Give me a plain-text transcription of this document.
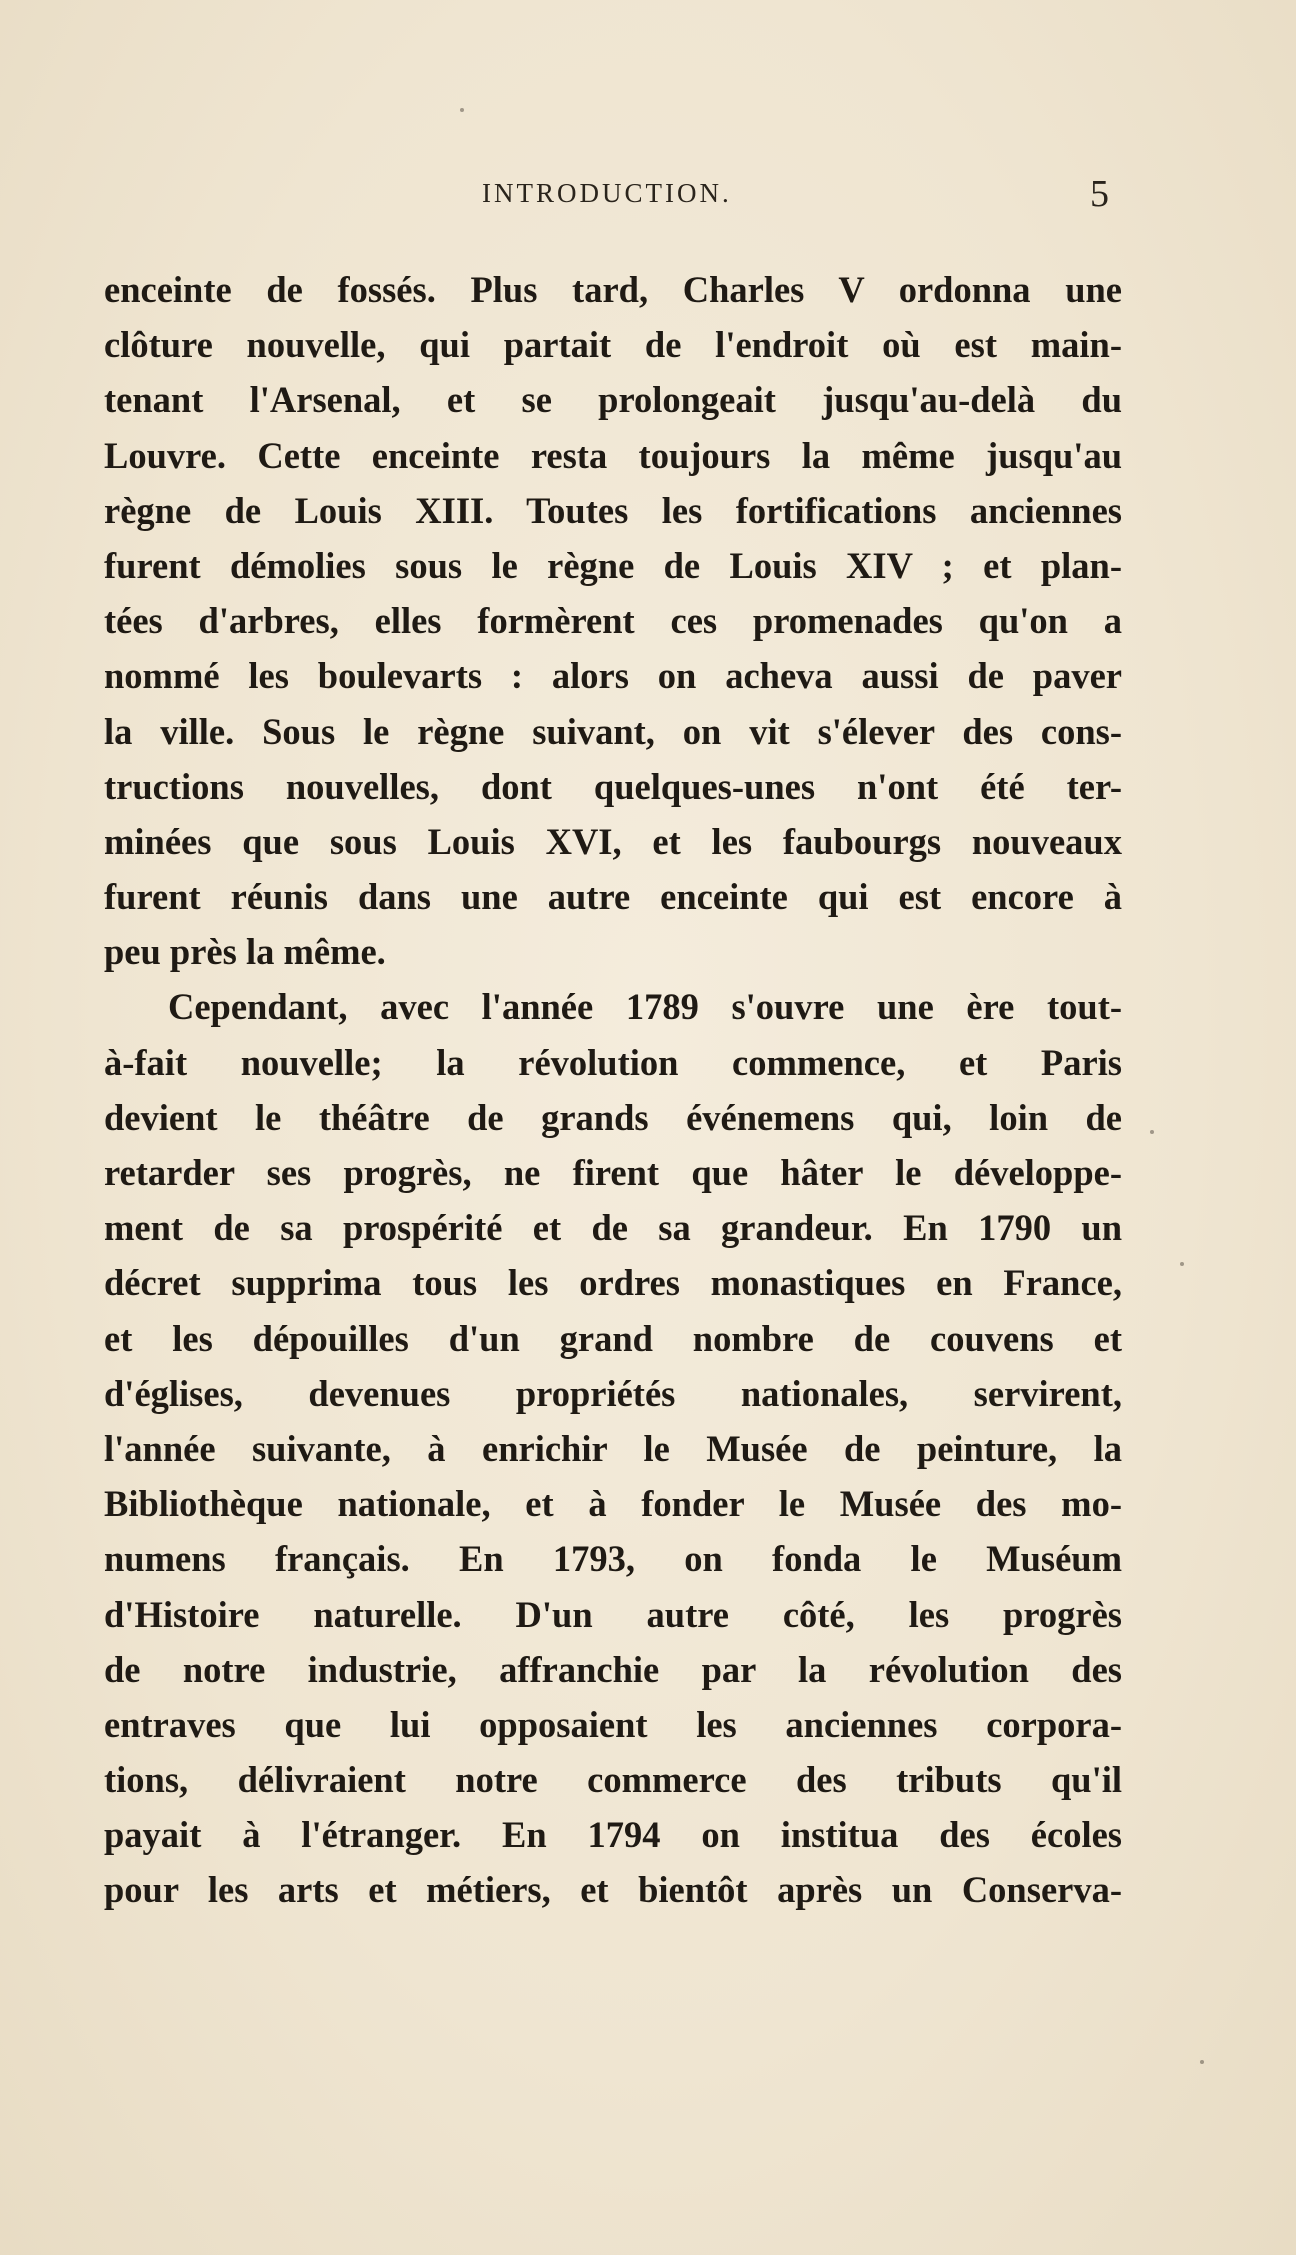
INTRODUCTION.	5
enceinte de fossés. Plus tard, Charles V ordonna une
clôture nouvelle, qui partait de l'endroit où est main-
tenant l'Arsenal, et se prolongeait jusqu'au-delà du
Louvre. Cette enceinte resta toujours la même jusqu'au
règne de Louis XIII. Toutes les fortifications anciennes
furent démolies sous le règne de Louis XIV ; et plan-
tées d'arbres, elles formèrent ces promenades qu'on a
nommé les boulevarts : alors on acheva aussi de paver
la ville. Sous le règne suivant, on vit s'élever des cons-
tructions nouvelles, dont quelques-unes n'ont été ter-
minées que sous Louis XVI, et les faubourgs nouveaux
furent réunis dans une autre enceinte qui est encore à
peu près la même.
Cependant, avec l'année 1789 s'ouvre une ère tout-
à-fait nouvelle; la révolution commence, et Paris
devient le théâtre de grands événemens qui, loin de
retarder ses progrès, ne firent que hâter le développe-
ment de sa prospérité et de sa grandeur. En 1790 un
décret supprima tous les ordres monastiques en France,
et les dépouilles d'un grand nombre de couvens et
d'églises, devenues propriétés nationales, servirent,
l'année suivante, à enrichir le Musée de peinture, la
Bibliothèque nationale, et à fonder le Musée des mo-
numens français. En 1793, on fonda le Muséum
d'Histoire naturelle. D'un autre côté, les progrès
de notre industrie, affranchie par la révolution des
entraves que lui opposaient les anciennes corpora-
tions, délivraient notre commerce des tributs qu'il
payait à l'étranger. En 1794 on institua des écoles
pour les arts et métiers, et bientôt après un Conserva-
